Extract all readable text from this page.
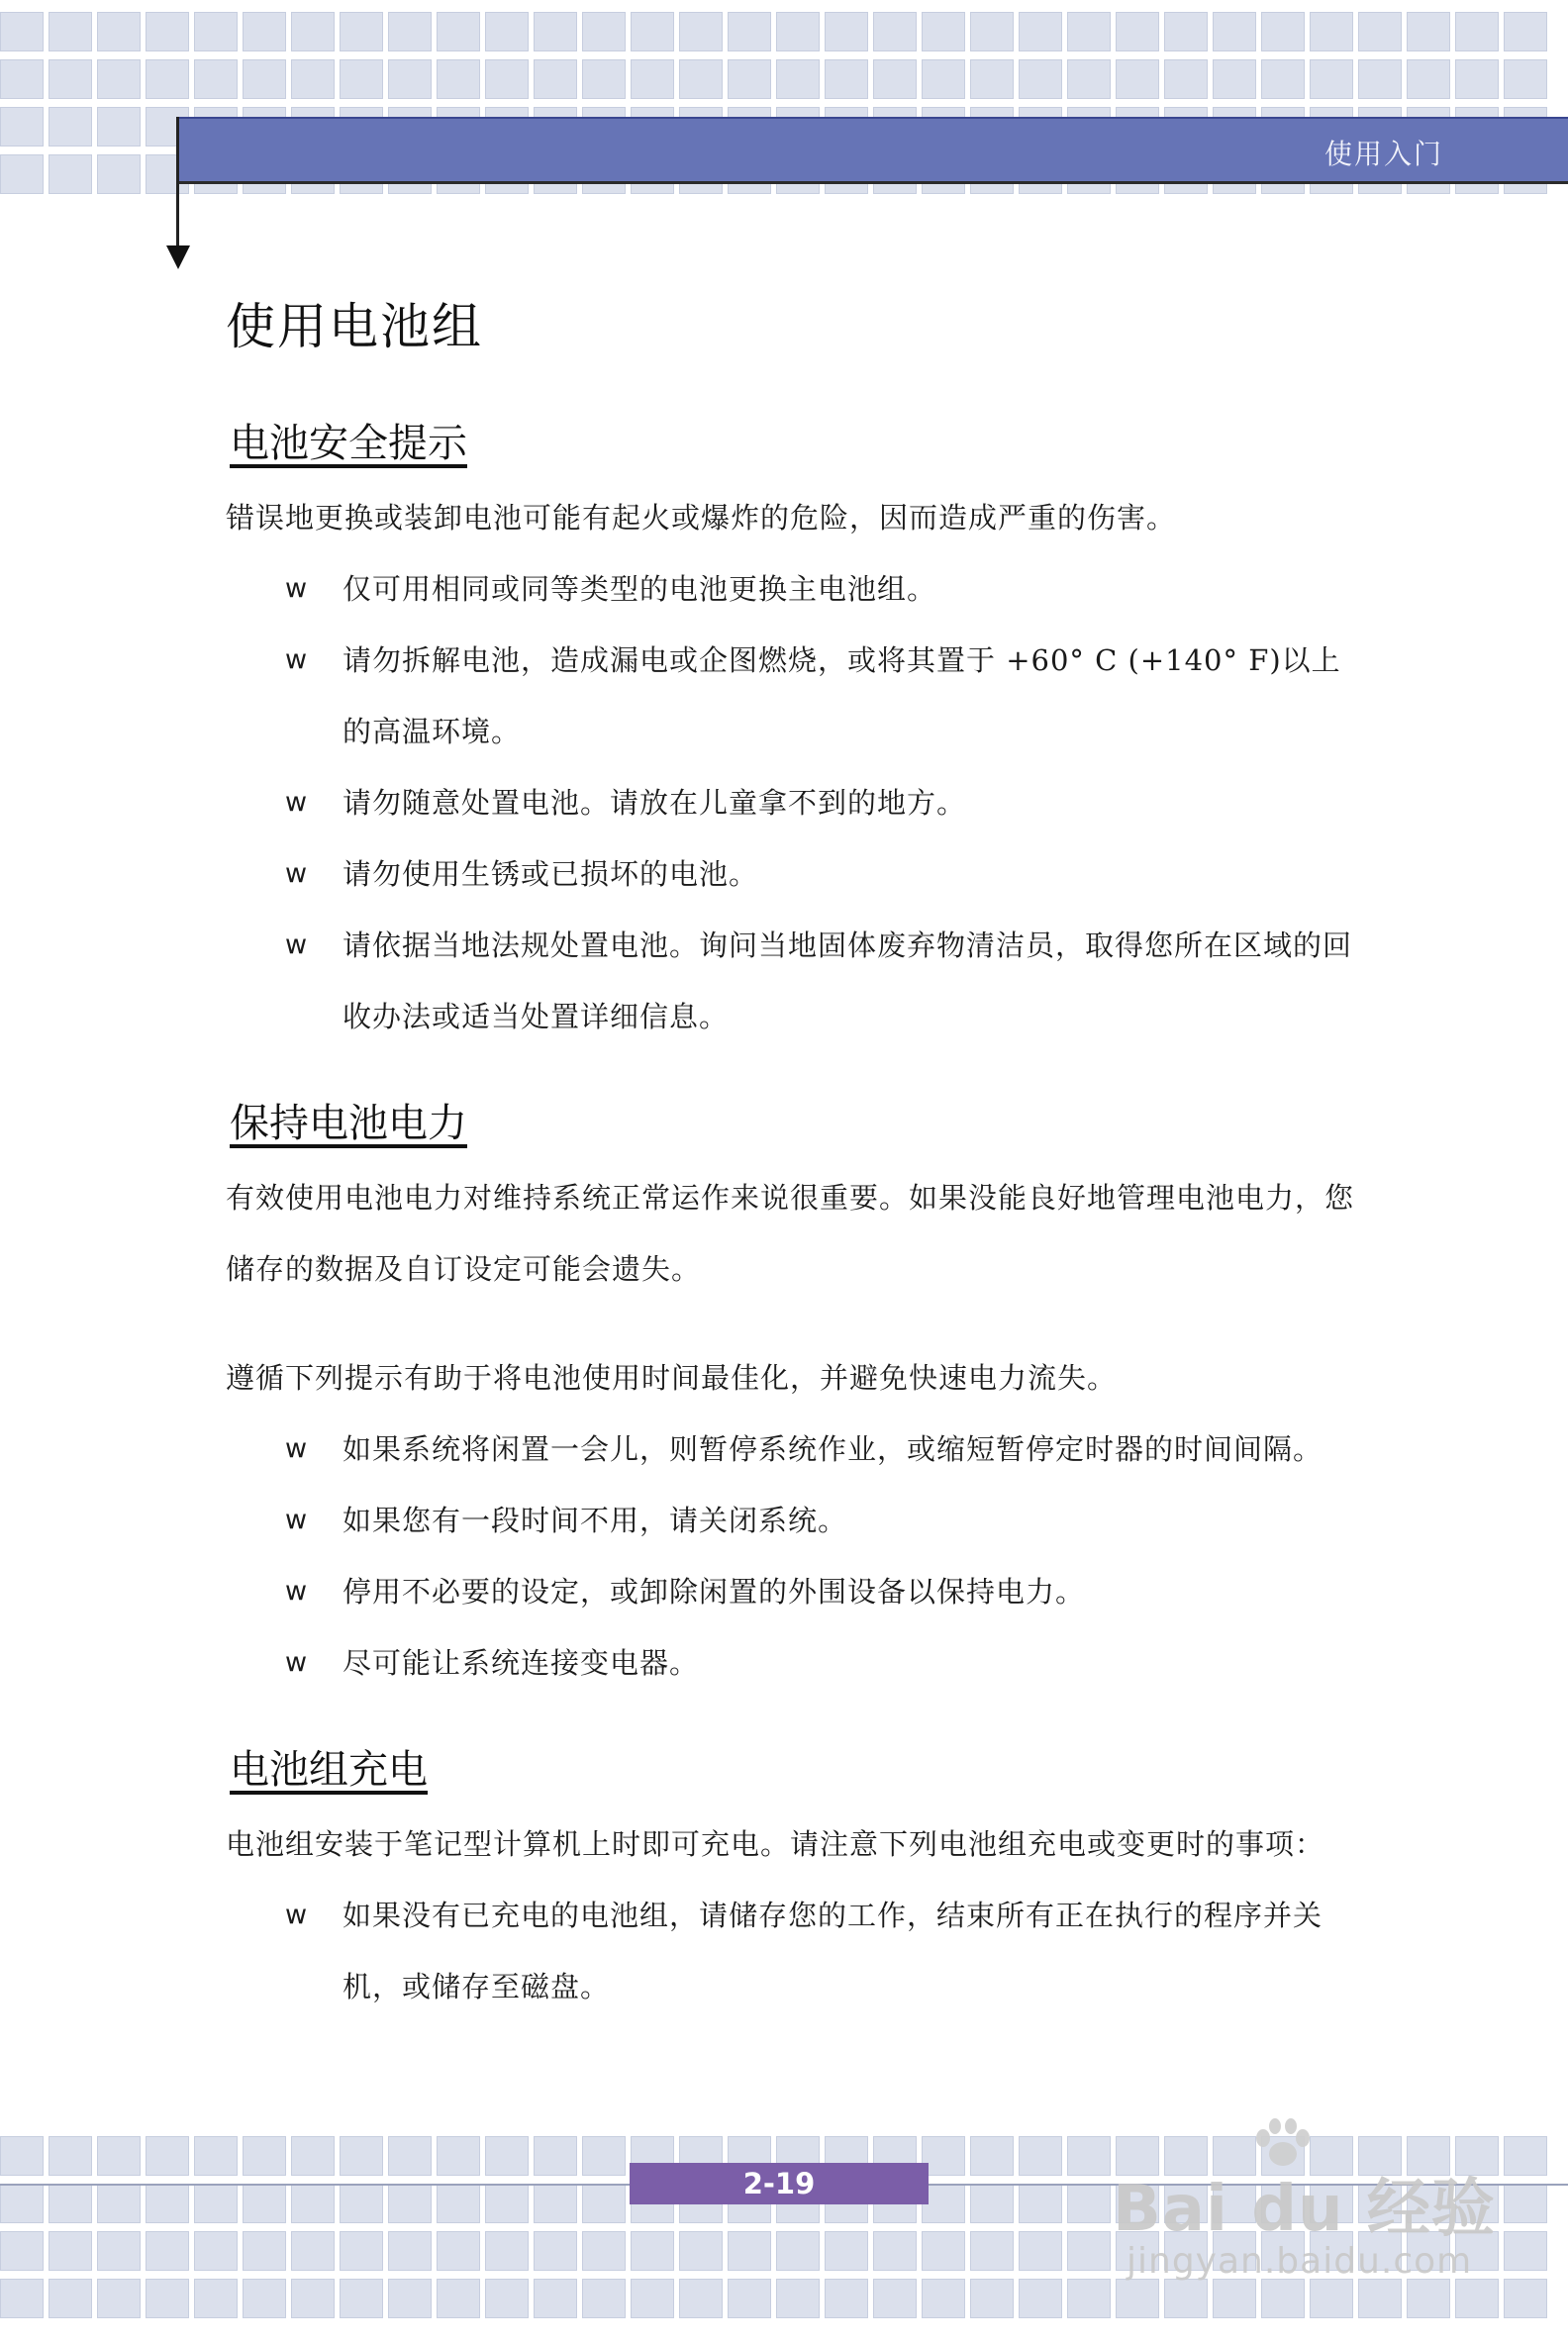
使用入门
使用电池组
电池安全提示

错误地更换或装卸电池可能有起火或爆炸的危险，因而造成严重的伤害。

w 仅可用相同或同等类型的电池更换主电池组。
w 请勿拆解电池，造成漏电或企图燃烧，或将其置于 +60° C (+140° F)以上的高温环境。
w 请勿随意处置电池。请放在儿童拿不到的地方。
w 请勿使用生锈或已损坏的电池。
w 请依据当地法规处置电池。询问当地固体废弃物清洁员，取得您所在区域的回收办法或适当处置详细信息。
保持电池电力

有效使用电池电力对维持系统正常运作来说很重要。如果没能良好地管理电池电力，您储存的数据及自订设定可能会遗失。

遵循下列提示有助于将电池使用时间最佳化，并避免快速电力流失。

w 如果系统将闲置一会儿，则暂停系统作业，或缩短暂停定时器的时间间隔。
w 如果您有一段时间不用，请关闭系统。
w 停用不必要的设定，或卸除闲置的外围设备以保持电力。
w 尽可能让系统连接变电器。
电池组充电

电池组安装于笔记型计算机上时即可充电。请注意下列电池组充电或变更时的事项：

w 如果没有已充电的电池组，请储存您的工作，结束所有正在执行的程序并关机，或储存至磁盘。
2-19	Bai du 经验
jingyan.baidu.com
